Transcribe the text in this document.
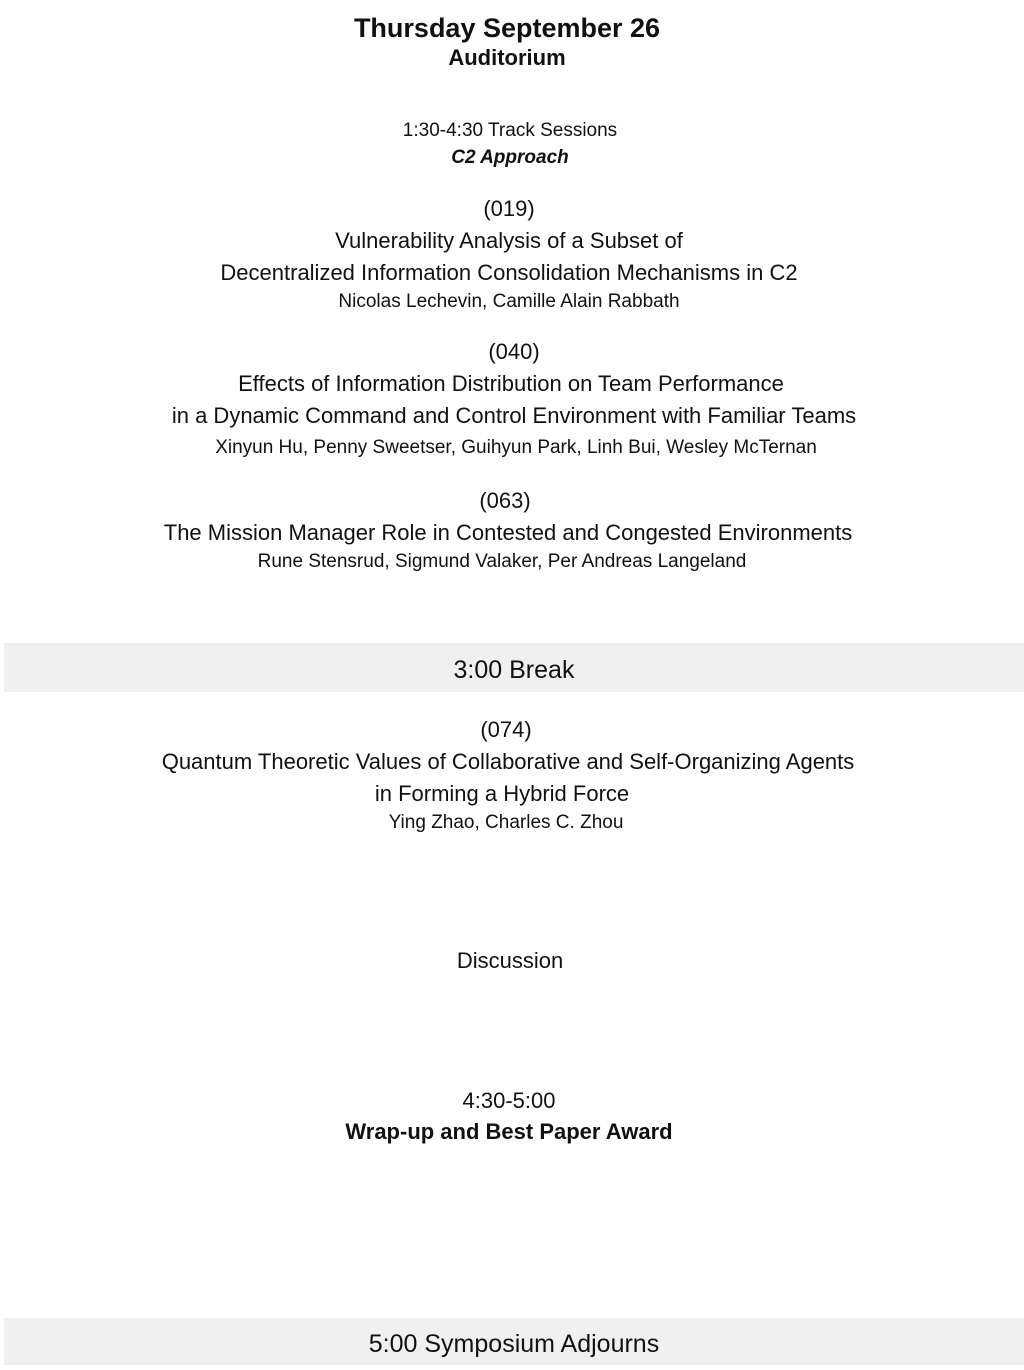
Thursday September 26
Auditorium
1:30-4:30 Track Sessions
C2 Approach
(019)
Vulnerability Analysis of a Subset of
Decentralized Information Consolidation Mechanisms in C2
Nicolas Lechevin, Camille Alain Rabbath
(040)
Effects of Information Distribution on Team Performance
in a Dynamic Command and Control Environment with Familiar Teams
Xinyun Hu, Penny Sweetser, Guihyun Park, Linh Bui, Wesley McTernan
(063)
The Mission Manager Role in Contested and Congested Environments
Rune Stensrud, Sigmund Valaker, Per Andreas Langeland
3:00 Break
(074)
Quantum Theoretic Values of Collaborative and Self-Organizing Agents
in Forming a Hybrid Force
Ying Zhao, Charles C. Zhou
Discussion
4:30-5:00
Wrap-up and Best Paper Award
5:00 Symposium Adjourns
